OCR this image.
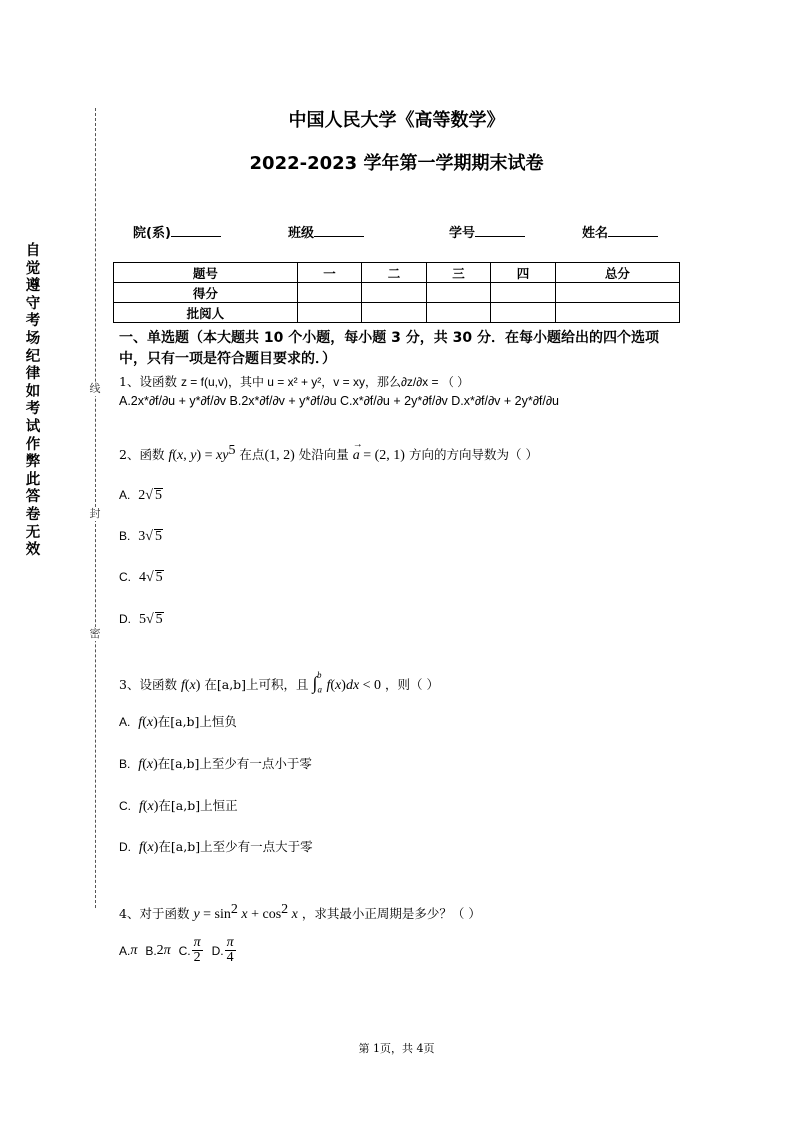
自觉遵守考场纪律如考试作弊此答卷无效
线
封
密
中国人民大学《高等数学》
2022-2023 学年第一学期期末试卷
院(系)	班级	学号	姓名
题号	一	二	三	四	总分
得分					
批阅人					
一、单选题（本大题共 10 个小题，每小题 3 分，共 30 分．在每小题给出的四个选项中，只有一项是符合题目要求的．）
1、设函数 z = f(u,v)，其中 u = x² + y²，v = xy，那么∂z/∂x = （ ）
A.2x*∂f/∂u + y*∂f/∂v B.2x*∂f/∂v + y*∂f/∂u C.x*∂f/∂u + 2y*∂f/∂v D.x*∂f/∂v + 2y*∂f/∂u
2、函数 f(x, $y) = xy^5$ 在点(1, 2) 处沿向量 a
→
= (2, 1) 方向的方向导数为（ ）
A. 2√ 5
B. 3√ 5
C. 4√ 5
D. 5√ 5
3、设函数 f(x) 在[a,b]上可积，且 $\int_a^bf(x)dx < 0$ ，则（ ）
A. f(x)在[a,b]上恒负
B. f(x)在[a,b]上至少有一点小于零
C. f(x)在[a,b]上恒正
D. f(x)在[a,b]上至少有一点大于零
4、对于函数 $y = \sin^2 x + \cos^2 x$ ，求其最小正周期是多少？（ ）
A. π
B. 2 π
C. $\frac{\pi}{2}$
D. $\frac{\pi}{4}$
第 1页，共 4页
